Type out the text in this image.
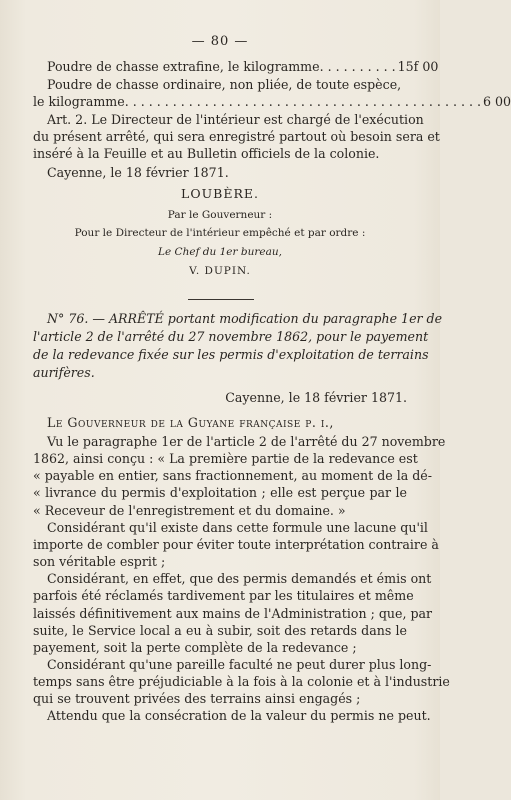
— 80 —
Poudre de chasse extrafine, le kilogramme . . . . . . . . . . 15f 00
Poudre de chasse ordinaire, non pliée, de toute espèce,
le kilogramme . . . . . . . . . . . . . . . . . . . . . . . . . . . . . . . . . . . . . . . . . . . . . 6 00
Art. 2. Le Directeur de l'intérieur est chargé de l'exécution
du présent arrêté, qui sera enregistré partout où besoin sera et
inséré à la Feuille et au Bulletin officiels de la colonie.
Cayenne, le 18 février 1871.
LOUBÈRE.
Par le Gouverneur :
Pour le Directeur de l'intérieur empêché et par ordre :
Le Chef du 1er bureau,
V. DUPIN.
N° 76. — ARRÊTÉ portant modification du paragraphe 1er de
l'article 2 de l'arrêté du 27 novembre 1862, pour le payement
de la redevance fixée sur les permis d'exploitation de terrains
aurifères.
Cayenne, le 18 février 1871.
Le Gouverneur de la Guyane française p. i.,
Vu le paragraphe 1er de l'article 2 de l'arrêté du 27 novembre
1862, ainsi conçu : « La première partie de la redevance est
« payable en entier, sans fractionnement, au moment de la dé-
« livrance du permis d'exploitation ; elle est perçue par le
« Receveur de l'enregistrement et du domaine. »
Considérant qu'il existe dans cette formule une lacune qu'il
importe de combler pour éviter toute interprétation contraire à
son véritable esprit ;
Considérant, en effet, que des permis demandés et émis ont
parfois été réclamés tardivement par les titulaires et même
laissés définitivement aux mains de l'Administration ; que, par
suite, le Service local a eu à subir, soit des retards dans le
payement, soit la perte complète de la redevance ;
Considérant qu'une pareille faculté ne peut durer plus long-
temps sans être préjudiciable à la fois à la colonie et à l'industrie
qui se trouvent privées des terrains ainsi engagés ;
Attendu que la consécration de la valeur du permis ne peut.
